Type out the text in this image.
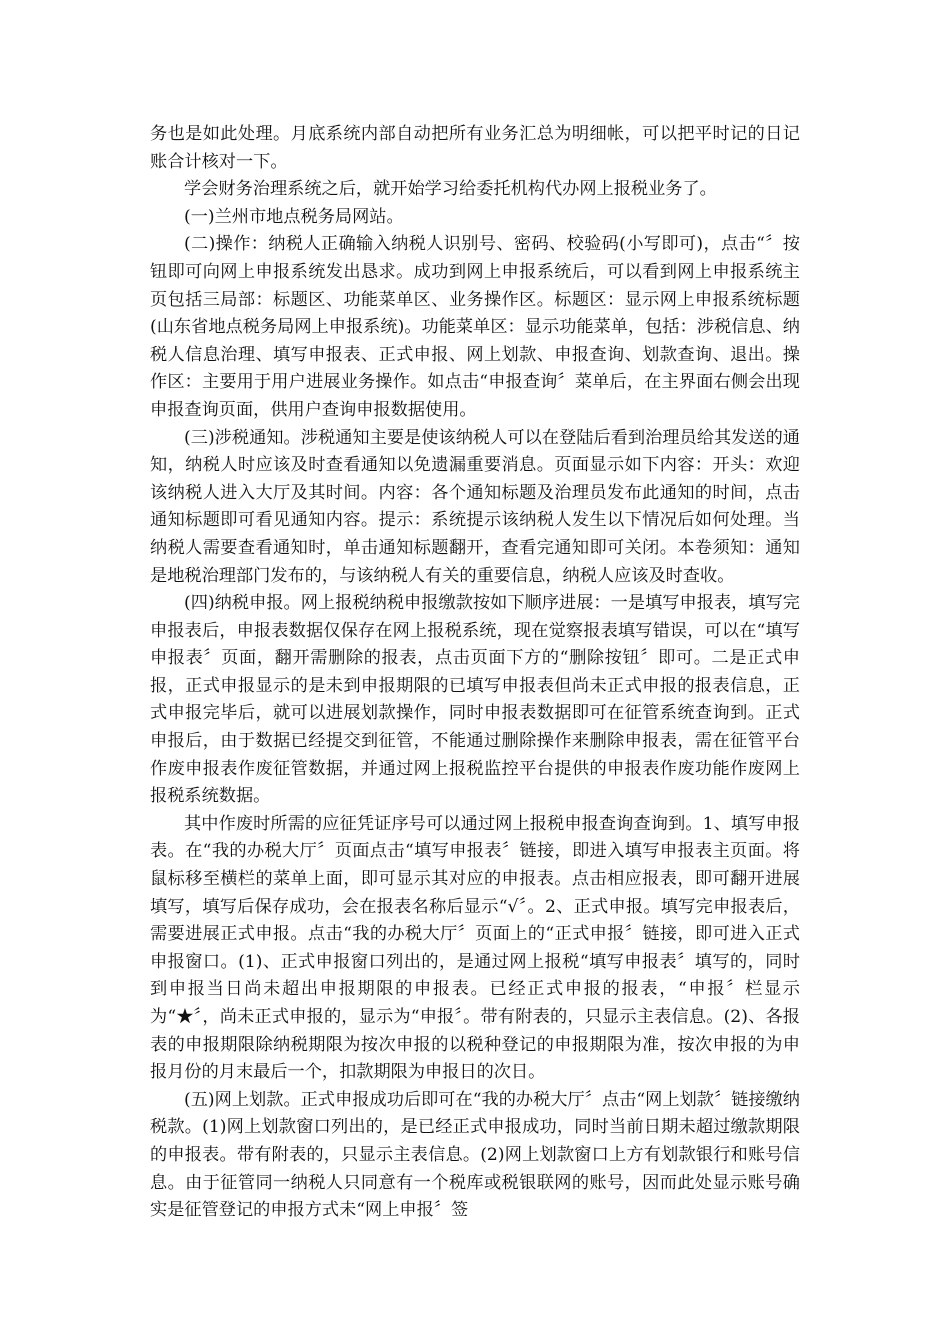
务也是如此处理。月底系统内部自动把所有业务汇总为明细帐，可以把平时记的日记账合计核对一下。

学会财务治理系统之后，就开始学习给委托机构代办网上报税业务了。

(一)兰州市地点税务局网站。

(二)操作：纳税人正确输入纳税人识别号、密码、校验码(小写即可)，点击“〞按钮即可向网上申报系统发出恳求。成功到网上申报系统后，可以看到网上申报系统主页包括三局部：标题区、功能菜单区、业务操作区。标题区：显示网上申报系统标题(山东省地点税务局网上申报系统)。功能菜单区：显示功能菜单，包括：涉税信息、纳税人信息治理、填写申报表、正式申报、网上划款、申报查询、划款查询、退出。操作区：主要用于用户进展业务操作。如点击“申报查询〞菜单后，在主界面右侧会出现申报查询页面，供用户查询申报数据使用。

(三)涉税通知。涉税通知主要是使该纳税人可以在登陆后看到治理员给其发送的通知，纳税人时应该及时查看通知以免遗漏重要消息。页面显示如下内容：开头：欢迎该纳税人进入大厅及其时间。内容：各个通知标题及治理员发布此通知的时间，点击通知标题即可看见通知内容。提示：系统提示该纳税人发生以下情况后如何处理。当纳税人需要查看通知时，单击通知标题翻开，查看完通知即可关闭。本卷须知：通知是地税治理部门发布的，与该纳税人有关的重要信息，纳税人应该及时查收。

(四)纳税申报。网上报税纳税申报缴款按如下顺序进展：一是填写申报表，填写完申报表后，申报表数据仅保存在网上报税系统，现在觉察报表填写错误，可以在“填写申报表〞页面，翻开需删除的报表，点击页面下方的“删除按钮〞即可。二是正式申报，正式申报显示的是未到申报期限的已填写申报表但尚未正式申报的报表信息，正式申报完毕后，就可以进展划款操作，同时申报表数据即可在征管系统查询到。正式申报后，由于数据已经提交到征管，不能通过删除操作来删除申报表，需在征管平台作废申报表作废征管数据，并通过网上报税监控平台提供的申报表作废功能作废网上报税系统数据。

其中作废时所需的应征凭证序号可以通过网上报税申报查询查询到。1、填写申报表。在“我的办税大厅〞页面点击“填写申报表〞链接，即进入填写申报表主页面。将鼠标移至横栏的菜单上面，即可显示其对应的申报表。点击相应报表，即可翻开进展填写，填写后保存成功，会在报表名称后显示“√〞。2、正式申报。填写完申报表后，需要进展正式申报。点击“我的办税大厅〞页面上的“正式申报〞链接，即可进入正式申报窗口。(1)、正式申报窗口列出的，是通过网上报税“填写申报表〞填写的，同时到申报当日尚未超出申报期限的申报表。已经正式申报的报表，“申报〞栏显示为“★〞，尚未正式申报的，显示为“申报〞。带有附表的，只显示主表信息。(2)、各报表的申报期限除纳税期限为按次申报的以税种登记的申报期限为准，按次申报的为申报月份的月末最后一个，扣款期限为申报日的次日。

(五)网上划款。正式申报成功后即可在“我的办税大厅〞点击“网上划款〞链接缴纳税款。(1)网上划款窗口列出的，是已经正式申报成功，同时当前日期未超过缴款期限的申报表。带有附表的，只显示主表信息。(2)网上划款窗口上方有划款银行和账号信息。由于征管同一纳税人只同意有一个税库或税银联网的账号，因而此处显示账号确实是征管登记的申报方式未“网上申报〞签
